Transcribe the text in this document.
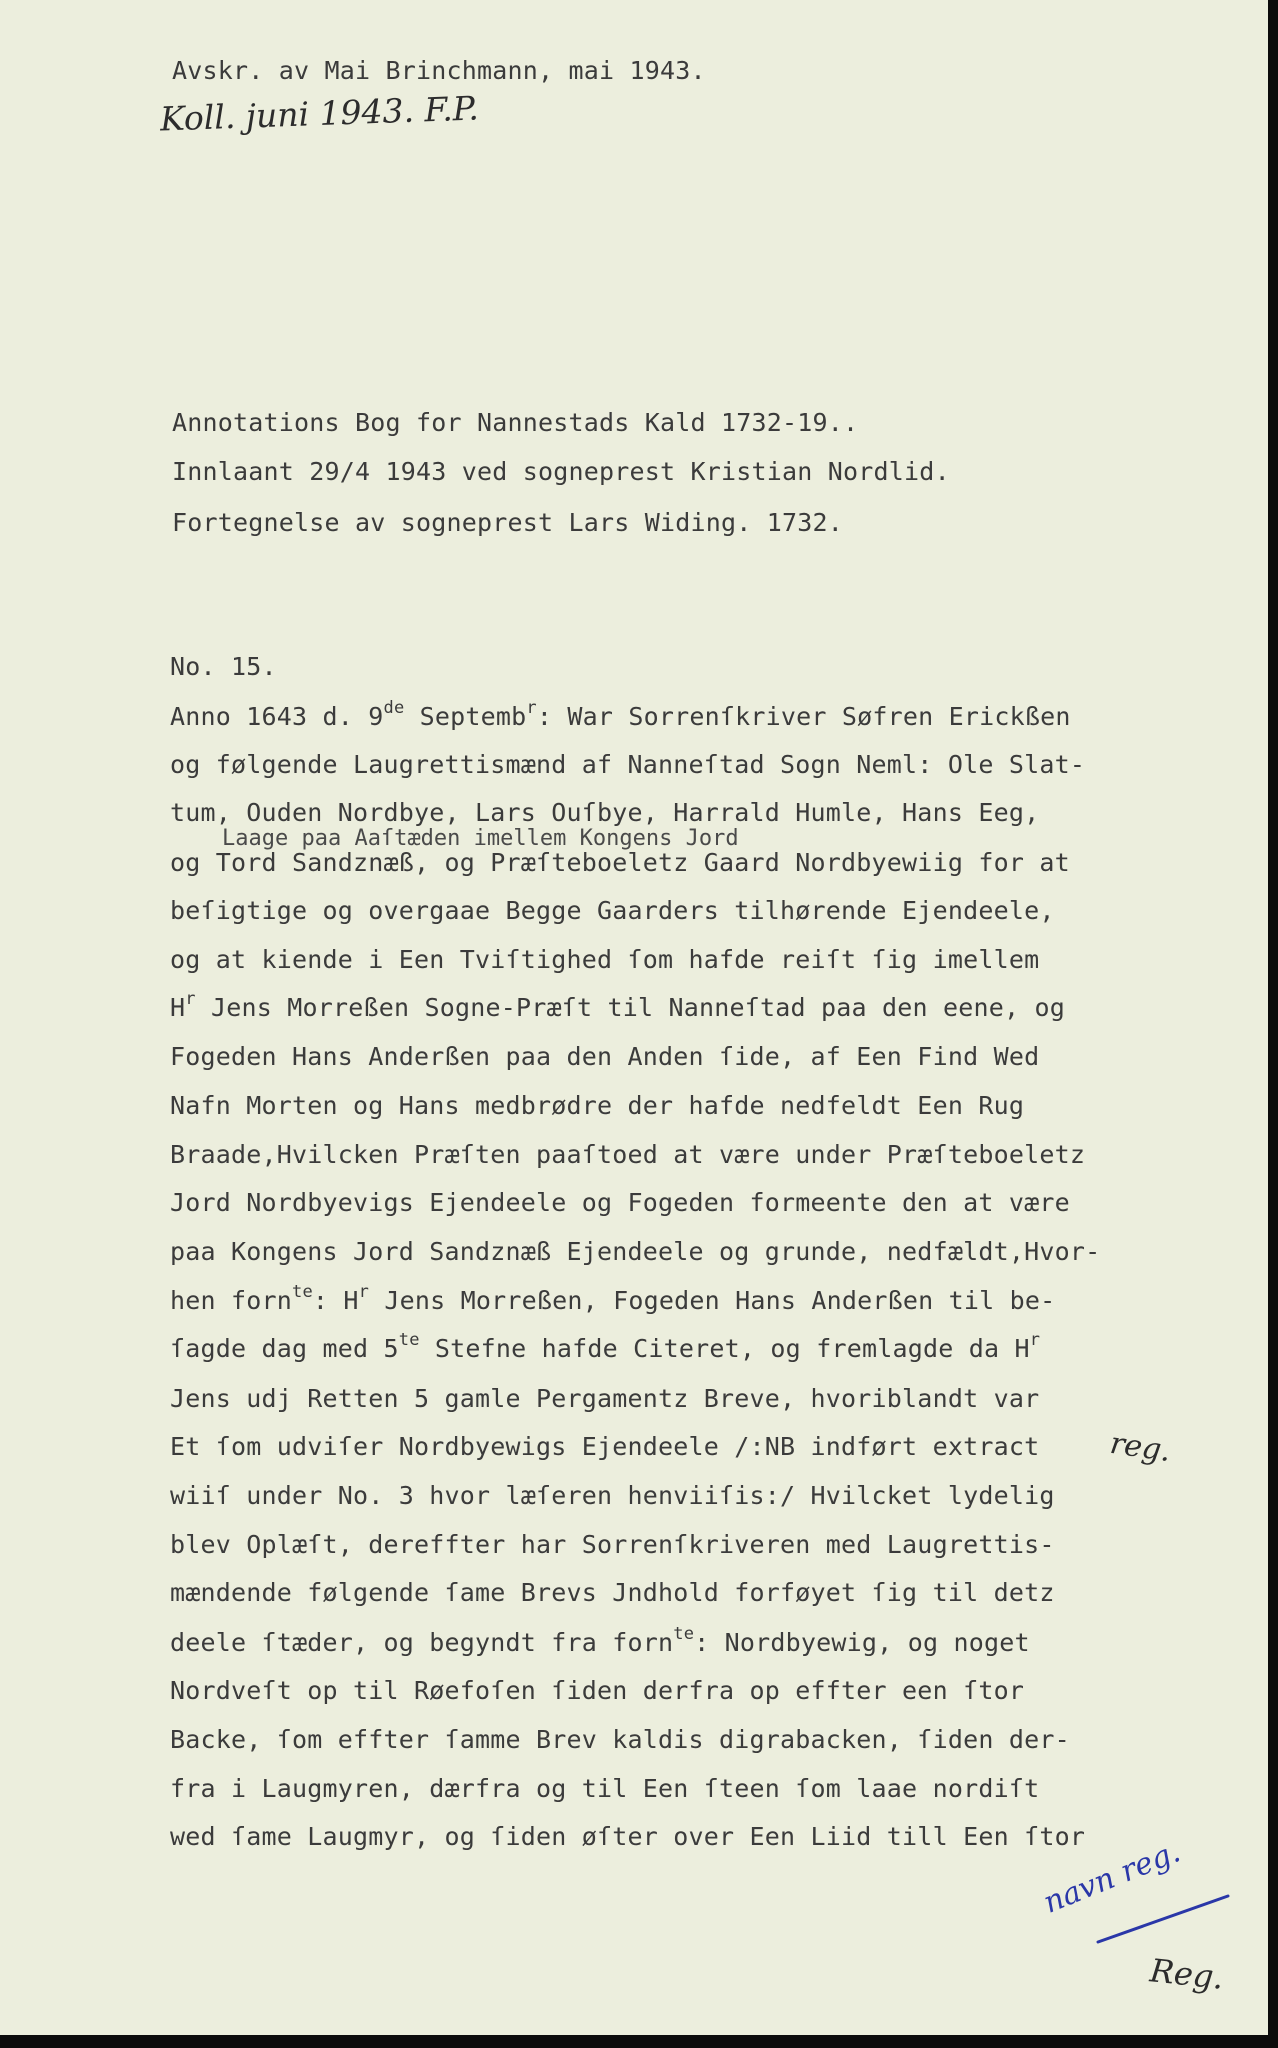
Avskr. av Mai Brinchmann, mai 1943.
Koll. juni 1943. F.P.
Annotations Bog for Nannestads Kald 1732-19..
Innlaant 29/4 1943 ved sogneprest Kristian Nordlid.
Fortegnelse av sogneprest Lars Widing. 1732.
No. 15.
Anno 1643 d. 9de Septemb$^r$: War Sorrenſkriver Søfren Erickßen
og følgende Laugrettismænd af Nanneſtad Sogn Neml: Ole Slat-
tum, Ouden Nordbye, Lars Ouſbye, Harrald Humle, Hans Eeg,
Laage paa Aaſtæden imellem Kongens Jord
og Tord Sandznæß, og Præſteboeletz Gaard Nordbyewiig for at
beſigtige og overgaae Begge Gaarders tilhørende Ejendeele,
og at kiende i Een Tviſtighed ſom hafde reiſt ſig imellem
$H^r$ Jens Morreßen Sogne-Præſt til Nanneſtad paa den eene, og
Fogeden Hans Anderßen paa den Anden ſide, af Een Find Wed
Nafn Morten og Hans medbrødre der hafde nedfeldt Een Rug
Braade,Hvilcken Præſten paaſtoed at være under Præſteboeletz
Jord Nordbyevigs Ejendeele og Fogeden formeente den at være
paa Kongens Jord Sandznæß Ejendeele og grunde, nedfældt,Hvor-
hen forn$^{te}$: $H^r$ Jens Morreßen, Fogeden Hans Anderßen til be-
ſagde dag med $5^{te}$ Stefne hafde Citeret, og fremlagde da $H^r$
Jens udj Retten 5 gamle Pergamentz Breve, hvoriblandt var
Et ſom udviſer Nordbyewigs Ejendeele /:NB indført extract
wiiſ under No. 3 hvor læſeren henviiſis:/ Hvilcket lydelig
blev Oplæſt, dereffter har Sorrenſkriveren med Laugrettis-
mændende følgende ſame Brevs Jndhold forføyet ſig til detz
deele ſtæder, og begyndt fra forn$^{te}$: Nordbyewig, og noget
Nordveſt op til Røefoſen ſiden derfra op effter een ſtor
Backe, ſom effter ſamme Brev kaldis digrabacken, ſiden der-
fra i Laugmyren, dærfra og til Een ſteen ſom laae nordiſt
wed ſame Laugmyr, og ſiden øſter over Een Liid till Een ſtor
reg.
navn reg.
Reg.
